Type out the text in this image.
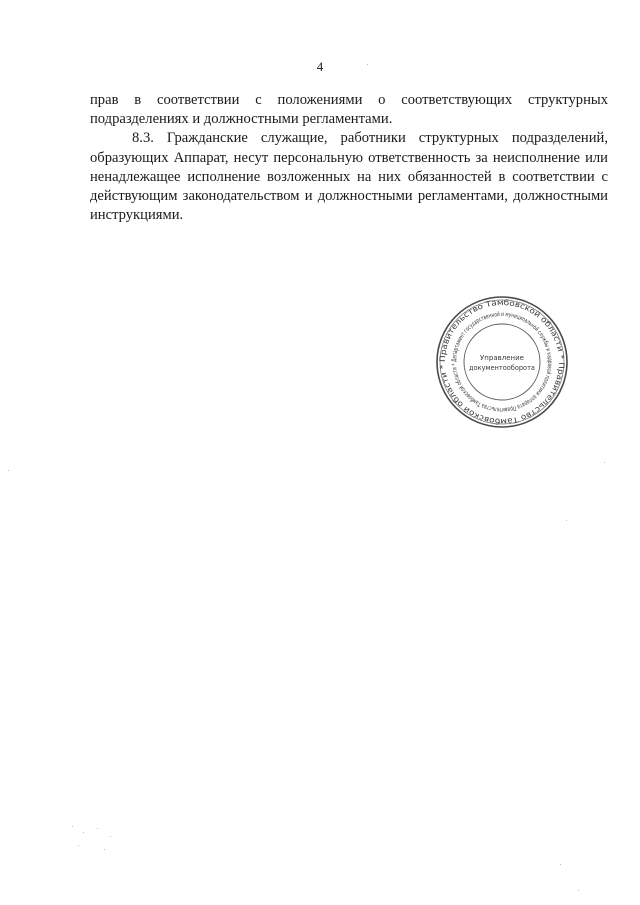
4

прав в соответствии с положениями о соответствующих структурных подразделениях и должностными регламентами.

8.3. Гражданские служащие, работники структурных подразделений, образующих Аппарат, несут персональную ответственность за неисполнение или ненадлежащее исполнение возложенных на них обязанностей в соответствии с действующим законодательством и должностными регламентами, должностными инструкциями.

Правительство Тамбовской области * Правительство Тамбовской области *
Департамент государственной и муниципальной службы и кадровой политики аппарата Правительства Тамбовской области *
Управление
документооборота
